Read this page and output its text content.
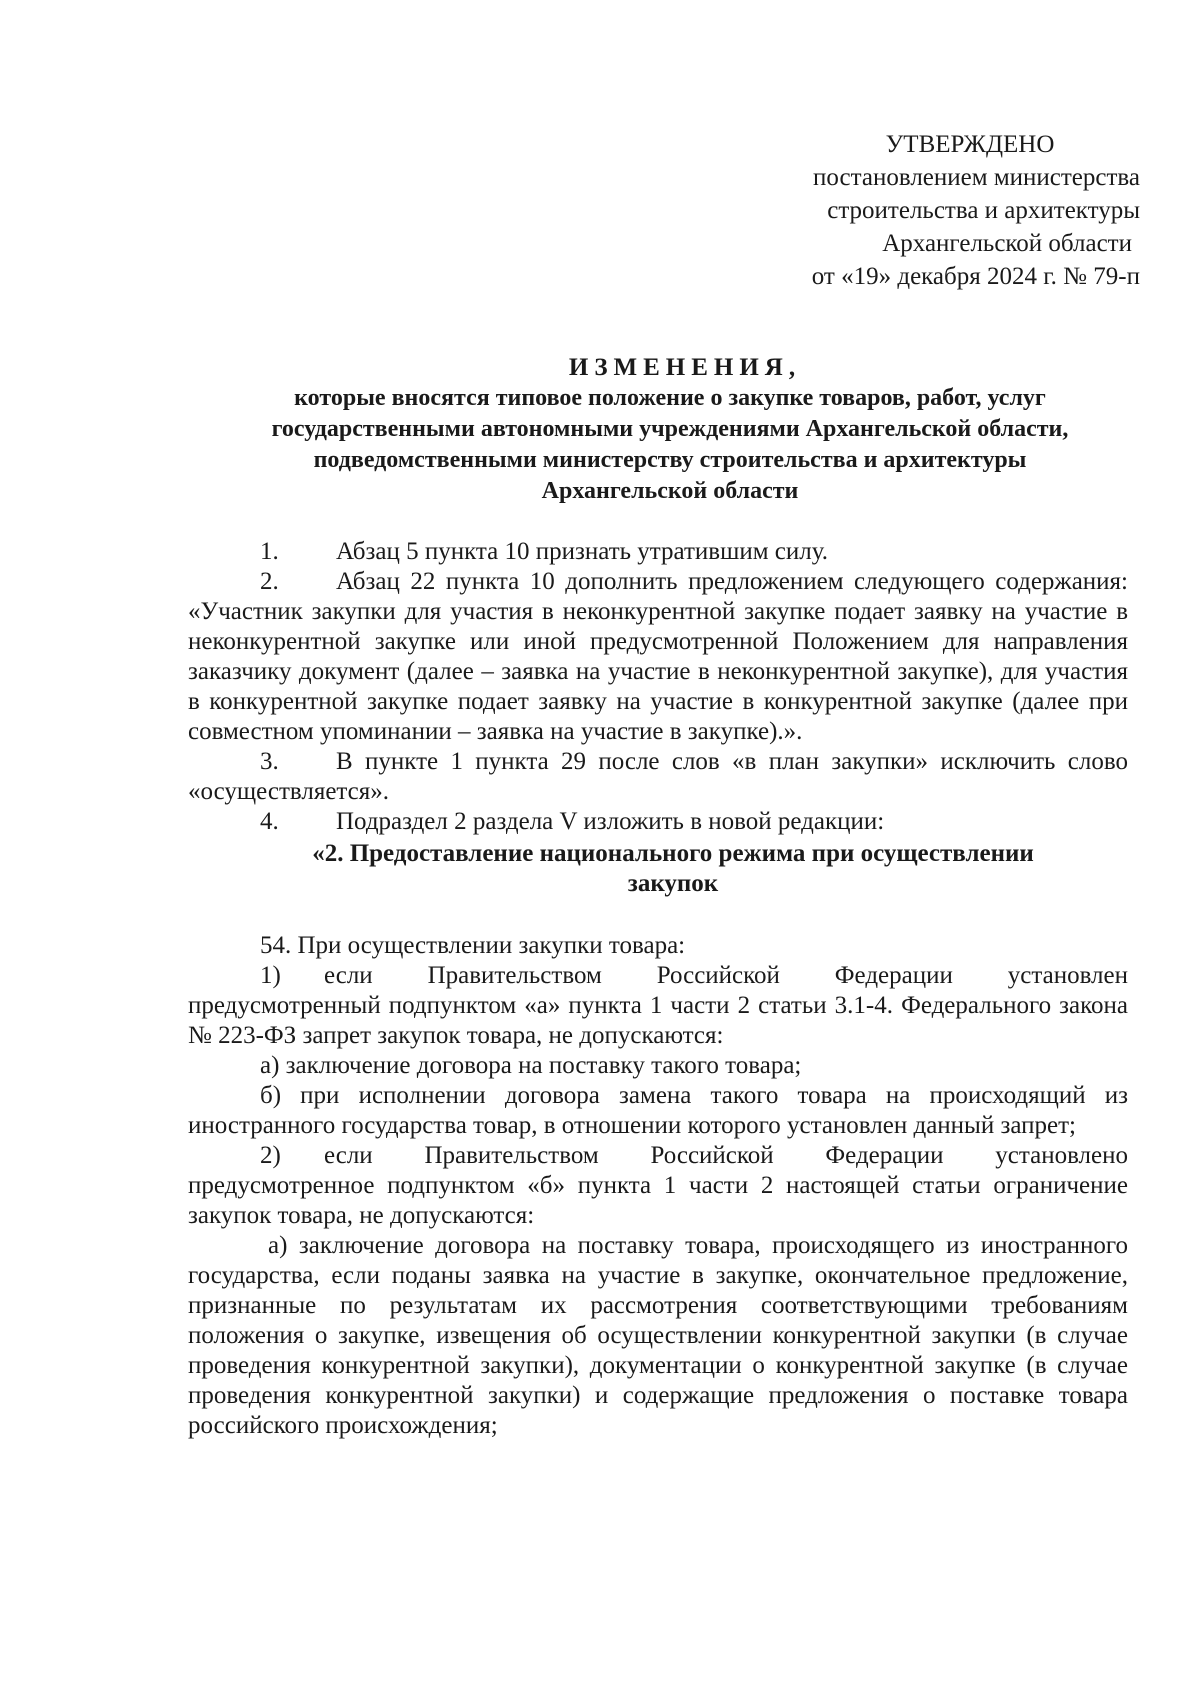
УТВЕРЖДЕНО
постановлением министерства
строительства и архитектуры
Архангельской области
от «19» декабря 2024 г. № 79-п
ИЗМЕНЕНИЯ,
которые вносятся типовое положение о закупке товаров, работ, услуг
государственными автономными учреждениями Архангельской области,
подведомственными министерству строительства и архитектуры
Архангельской области

1. Абзац 5 пункта 10 признать утратившим силу.

2. Абзац 22 пункта 10 дополнить предложением следующего содержания: «Участник закупки для участия в неконкурентной закупке подает заявку на участие в неконкурентной закупке или иной предусмотренной Положением для направления заказчику документ (далее – заявка на участие в неконкурентной закупке), для участия в конкурентной закупке подает заявку на участие в конкурентной закупке (далее при совместном упоминании – заявка на участие в закупке).».

3. В пункте 1 пункта 29 после слов «в план закупки» исключить слово «осуществляется».

4. Подраздел 2 раздела V изложить в новой редакции:

«2. Предоставление национального режима при осуществлении
закупок

54. При осуществлении закупки товара:

1) если Правительством Российской Федерации установлен предусмотренный подпунктом «а» пункта 1 части 2 статьи 3.1-4. Федерального закона № 223-ФЗ запрет закупок товара, не допускаются:

а) заключение договора на поставку такого товара;

б) при исполнении договора замена такого товара на происходящий из иностранного государства товар, в отношении которого установлен данный запрет;

2) если Правительством Российской Федерации установлено предусмотренное подпунктом «б» пункта 1 части 2 настоящей статьи ограничение закупок товара, не допускаются:

а) заключение договора на поставку товара, происходящего из иностранного государства, если поданы заявка на участие в закупке, окончательное предложение, признанные по результатам их рассмотрения соответствующими требованиям положения о закупке, извещения об осуществлении конкурентной закупки (в случае проведения конкурентной закупки), документации о конкурентной закупке (в случае проведения конкурентной закупки) и содержащие предложения о поставке товара российского происхождения;
